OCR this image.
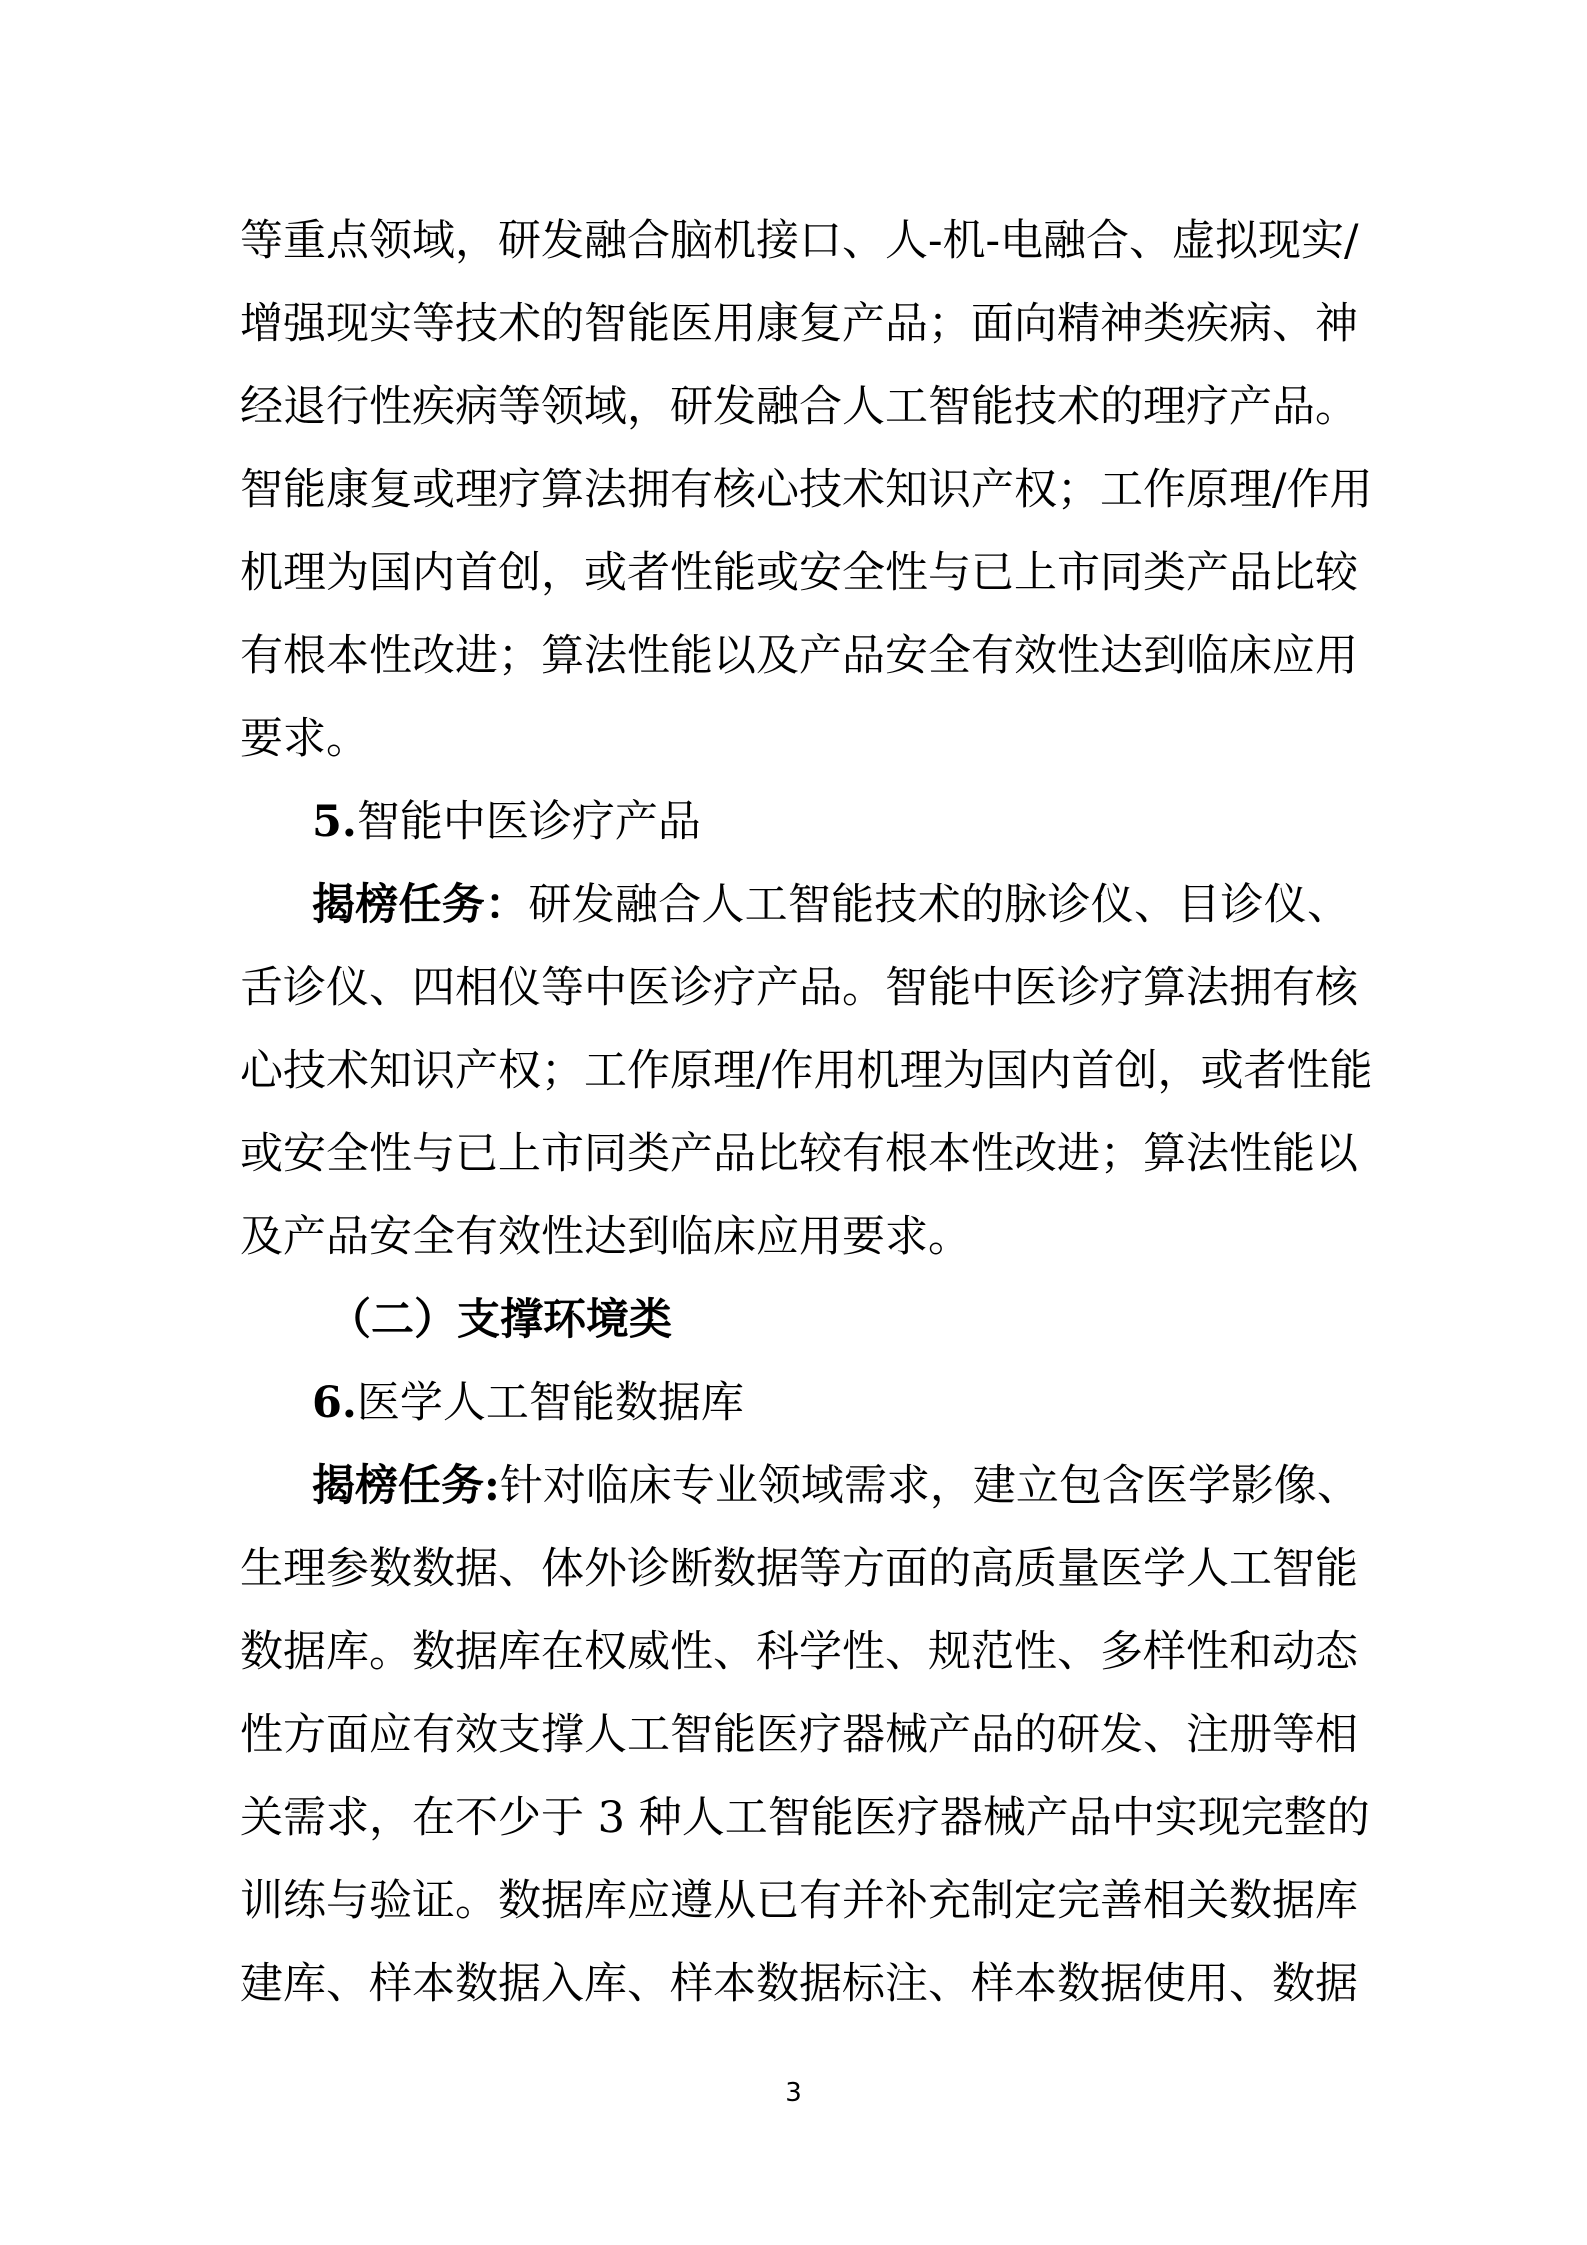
等重点领域，研发融合脑机接口、人-机-电融合、虚拟现实/
增强现实等技术的智能医用康复产品；面向精神类疾病、神
经退行性疾病等领域，研发融合人工智能技术的理疗产品。
智能康复或理疗算法拥有核心技术知识产权；工作原理/作用
机理为国内首创，或者性能或安全性与已上市同类产品比较
有根本性改进；算法性能以及产品安全有效性达到临床应用
要求。
5.智能中医诊疗产品
揭榜任务：研发融合人工智能技术的脉诊仪、目诊仪、
舌诊仪、四相仪等中医诊疗产品。智能中医诊疗算法拥有核
心技术知识产权；工作原理/作用机理为国内首创，或者性能
或安全性与已上市同类产品比较有根本性改进；算法性能以
及产品安全有效性达到临床应用要求。
（二）支撑环境类
6.医学人工智能数据库
揭榜任务:针对临床专业领域需求，建立包含医学影像、
生理参数数据、体外诊断数据等方面的高质量医学人工智能
数据库。数据库在权威性、科学性、规范性、多样性和动态
性方面应有效支撑人工智能医疗器械产品的研发、注册等相
关需求，在不少于 3 种人工智能医疗器械产品中实现完整的
训练与验证。数据库应遵从已有并补充制定完善相关数据库
建库、样本数据入库、样本数据标注、样本数据使用、数据
3
